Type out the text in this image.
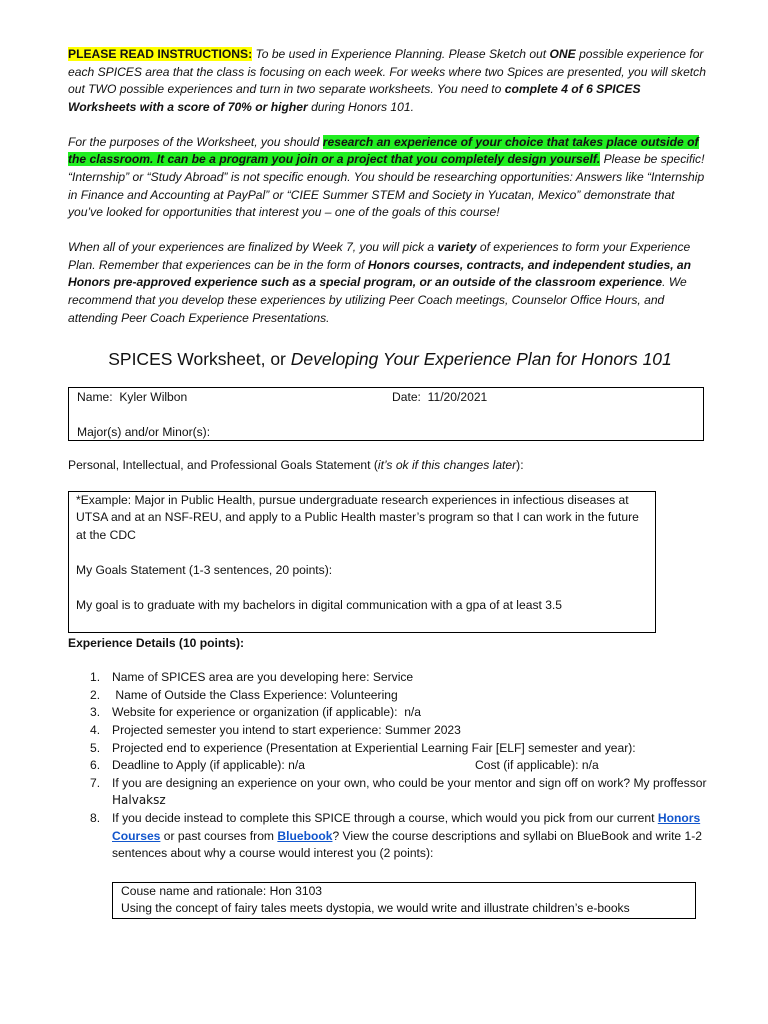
PLEASE READ INSTRUCTIONS: To be used in Experience Planning. Please Sketch out ONE possible experience for each SPICES area that the class is focusing on each week. For weeks where two Spices are presented, you will sketch out TWO possible experiences and turn in two separate worksheets. You need to complete 4 of 6 SPICES Worksheets with a score of 70% or higher during Honors 101.

For the purposes of the Worksheet, you should research an experience of your choice that takes place outside of the classroom. It can be a program you join or a project that you completely design yourself. Please be specific! “Internship” or “Study Abroad” is not specific enough. You should be researching opportunities: Answers like “Internship in Finance and Accounting at PayPal” or “CIEE Summer STEM and Society in Yucatan, Mexico” demonstrate that you’ve looked for opportunities that interest you – one of the goals of this course!

When all of your experiences are finalized by Week 7, you will pick a variety of experiences to form your Experience Plan. Remember that experiences can be in the form of Honors courses, contracts, and independent studies, an Honors pre-approved experience such as a special program, or an outside of the classroom experience. We recommend that you develop these experiences by utilizing Peer Coach meetings, Counselor Office Hours, and attending Peer Coach Experience Presentations.

SPICES Worksheet, or Developing Your Experience Plan for Honors 101
Name:
Kyler Wilbon	Date: 11/20/2021
Major(s) and/or Minor(s):

Personal, Intellectual, and Professional Goals Statement (it’s ok if this changes later):

*Example: Major in Public Health, pursue undergraduate research experiences in infectious diseases at UTSA and at an NSF-REU, and apply to a Public Health master’s program so that I can work in the future at the CDC

My Goals Statement (1-3 sentences, 20 points):

My goal is to graduate with my bachelors in digital communication with a gpa of at least 3.5

Experience Details (10 points):

1. Name of SPICES area are you developing here: Service
2. Name of Outside the Class Experience: Volunteering
3. Website for experience or organization (if applicable):  n/a
4. Projected semester you intend to start experience: Summer 2023
5. Projected end to experience (Presentation at Experiential Learning Fair [ELF] semester and year):
6. Deadline to Apply (if applicable): n/a	Cost (if applicable): n/a
7. If you are designing an experience on your own, who could be your mentor and sign off on work? My proffessor Halvaksz
8. If you decide instead to complete this SPICE through a course, which would you pick from our current Honors Courses or past courses from Bluebook? View the course descriptions and syllabi on BlueBook and write 1-2 sentences about why a course would interest you (2 points):

Couse name and rationale: Hon 3103

Using the concept of fairy tales meets dystopia, we would write and illustrate children’s e-books
